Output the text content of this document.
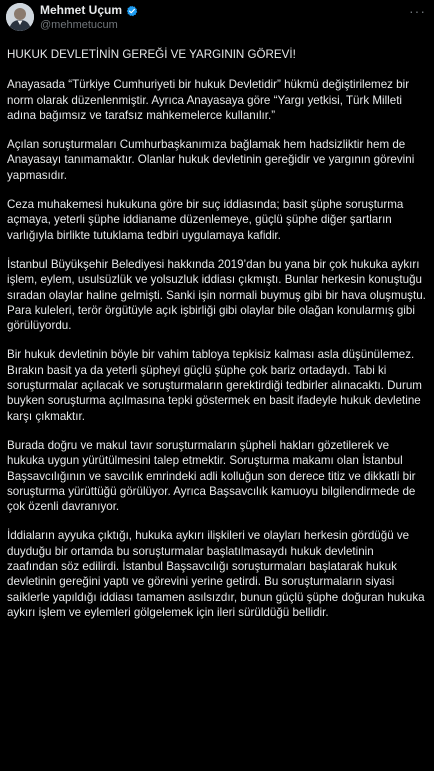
Mehmet Uçum
@mehmetucum
···

HUKUK DEVLETİNİN GEREĞİ VE YARGININ GÖREVİ!

Anayasada “Türkiye Cumhuriyeti bir hukuk Devletidir” hükmü değiştirilemez bir norm olarak düzenlenmiştir. Ayrıca Anayasaya göre “Yargı yetkisi, Türk Milleti adına bağımsız ve tarafsız mahkemelerce kullanılır.”

Açılan soruşturmaları Cumhurbaşkanımıza bağlamak hem hadsizliktir hem de Anayasayı tanımamaktır. Olanlar hukuk devletinin gereğidir ve yargının görevini yapmasıdır.

Ceza muhakemesi hukukuna göre bir suç iddiasında; basit şüphe soruşturma açmaya, yeterli şüphe iddianame düzenlemeye, güçlü şüphe diğer şartların varlığıyla birlikte tutuklama tedbiri uygulamaya kafidir.

İstanbul Büyükşehir Belediyesi hakkında 2019’dan bu yana bir çok hukuka aykırı işlem, eylem, usulsüzlük ve yolsuzluk iddiası çıkmıştı. Bunlar herkesin konuştuğu sıradan olaylar haline gelmişti. Sanki işin normali buymuş gibi bir hava oluşmuştu. Para kuleleri, terör örgütüyle açık işbirliği gibi olaylar bile olağan konularmış gibi görülüyordu.

Bir hukuk devletinin böyle bir vahim tabloya tepkisiz kalması asla düşünülemez. Bırakın basit ya da yeterli şüpheyi güçlü şüphe çok bariz ortadaydı. Tabi ki soruşturmalar açılacak ve soruşturmaların gerektirdiği tedbirler alınacaktı. Durum buyken soruşturma açılmasına tepki göstermek en basit ifadeyle hukuk devletine karşı çıkmaktır.

Burada doğru ve makul tavır soruşturmaların şüpheli hakları gözetilerek ve hukuka uygun yürütülmesini talep etmektir. Soruşturma makamı olan İstanbul Başsavcılığının ve savcılık emrindeki adli kolluğun son derece titiz ve dikkatli bir soruşturma yürüttüğü görülüyor. Ayrıca Başsavcılık kamuoyu bilgilendirmede de çok özenli davranıyor.

İddiaların ayyuka çıktığı, hukuka aykırı ilişkileri ve olayları herkesin gördüğü ve duyduğu bir ortamda bu soruşturmalar başlatılmasaydı hukuk devletinin zaafından söz edilirdi. İstanbul Başsavcılığı soruşturmaları başlatarak hukuk devletinin gereğini yaptı ve görevini yerine getirdi. Bu soruşturmaların siyasi saiklerle yapıldığı iddiası tamamen asılsızdır, bunun güçlü şüphe doğuran hukuka aykırı işlem ve eylemleri gölgelemek için ileri sürüldüğü bellidir.
